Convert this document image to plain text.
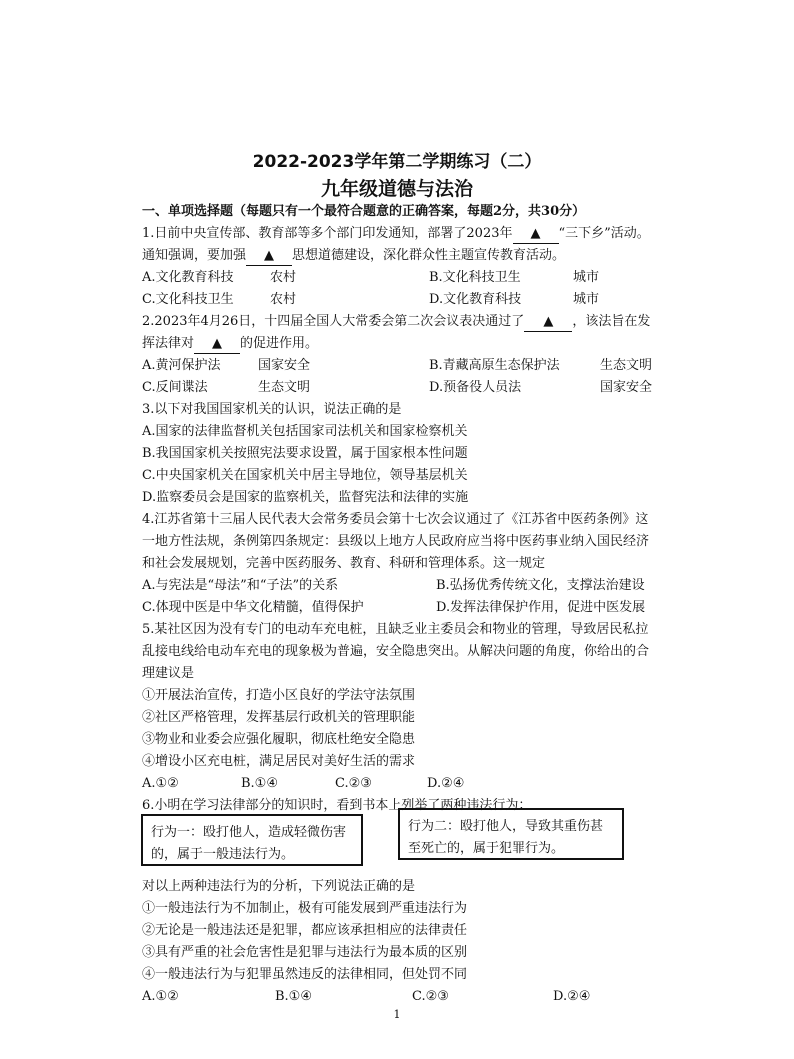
2022-2023学年第二学期练习（二）
九年级道德与法治
一、单项选择题（每题只有一个最符合题意的正确答案，每题2分，共30分）
1.日前中央宣传部、教育部等多个部门印发通知，部署了2023年 ▲ “三下乡”活动。
通知强调，要加强 ▲ 思想道德建设，深化群众性主题宣传教育活动。
A.文化教育科技	农村	B.文化科技卫生	城市
C.文化科技卫生	农村	D.文化教育科技	城市
2.2023年4月26日，十四届全国人大常委会第二次会议表决通过了 ▲ ，该法旨在发
挥法律对 ▲ 的促进作用。
A.黄河保护法	国家安全	B.青藏高原生态保护法	生态文明
C.反间谍法	生态文明	D.预备役人员法	国家安全
3.以下对我国国家机关的认识，说法正确的是
A.国家的法律监督机关包括国家司法机关和国家检察机关
B.我国国家机关按照宪法要求设置，属于国家根本性问题
C.中央国家机关在国家机关中居主导地位，领导基层机关
D.监察委员会是国家的监察机关，监督宪法和法律的实施
4.江苏省第十三届人民代表大会常务委员会第十七次会议通过了《江苏省中医药条例》这
一地方性法规，条例第四条规定：县级以上地方人民政府应当将中医药事业纳入国民经济
和社会发展规划，完善中医药服务、教育、科研和管理体系。这一规定
A.与宪法是“母法”和“子法”的关系	B.弘扬优秀传统文化，支撑法治建设
C.体现中医是中华文化精髓，值得保护	D.发挥法律保护作用，促进中医发展
5.某社区因为没有专门的电动车充电桩，且缺乏业主委员会和物业的管理，导致居民私拉
乱接电线给电动车充电的现象极为普遍，安全隐患突出。从解决问题的角度，你给出的合
理建议是
①开展法治宣传，打造小区良好的学法守法氛围
②社区严格管理，发挥基层行政机关的管理职能
③物业和业委会应强化履职，彻底杜绝安全隐患
④增设小区充电桩，满足居民对美好生活的需求
A.①②	B.①④	C.②③	D.②④
6.小明在学习法律部分的知识时，看到书本上列举了两种违法行为：
行为一：殴打他人，造成轻微伤害的，属于一般违法行为。
行为二：殴打他人，导致其重伤甚至死亡的，属于犯罪行为。
对以上两种违法行为的分析，下列说法正确的是
①一般违法行为不加制止，极有可能发展到严重违法行为
②无论是一般违法还是犯罪，都应该承担相应的法律责任
③具有严重的社会危害性是犯罪与违法行为最本质的区别
④一般违法行为与犯罪虽然违反的法律相同，但处罚不同
A.①②	B.①④	C.②③	D.②④
1
